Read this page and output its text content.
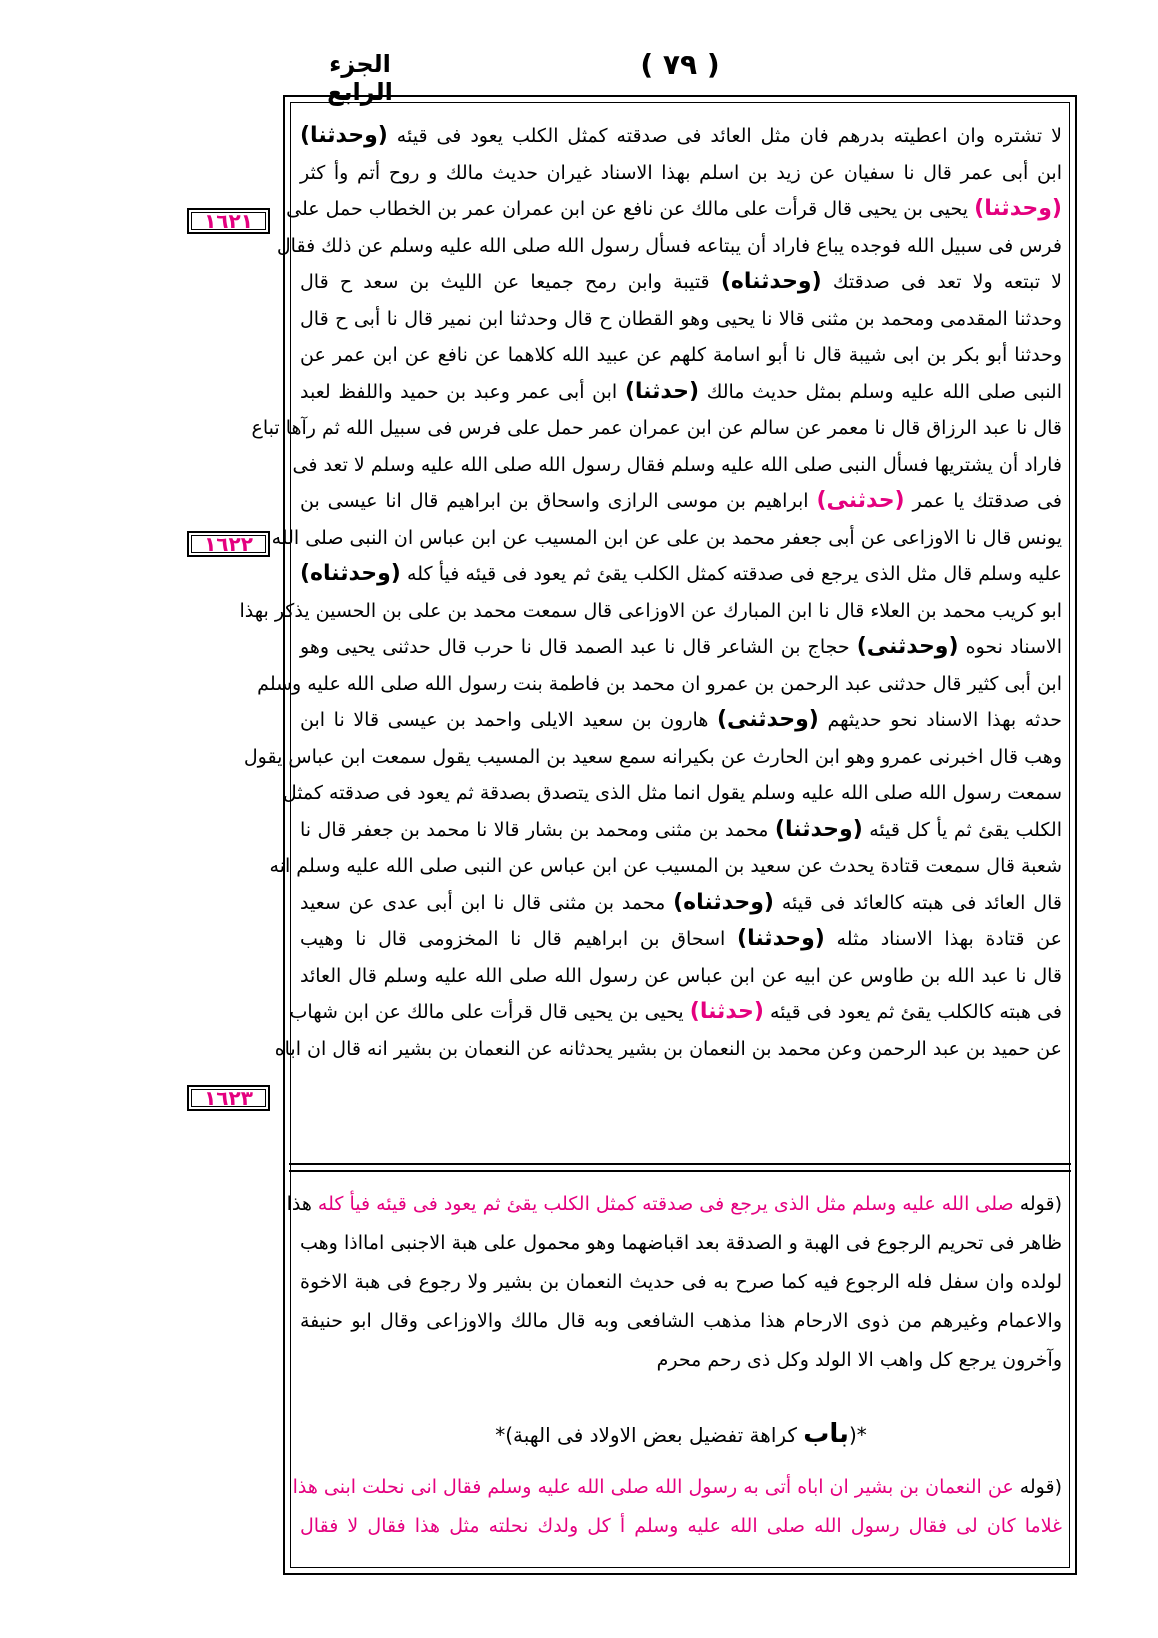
الجزء الرابع
( ٧٩ )
١٦٢١
١٦٢٢
١٦٢٣
لا تشتره وان اعطيته بدرهم فان مثل العائد فى صدقته كمثل الكلب يعود فى قيئه (وحدثنا)
ابن أبى عمر قال نا سفيان عن زيد بن اسلم بهذا الاسناد غيران حديث مالك و روح أتم وأ كثر
(وحدثنا) يحيى بن يحيى قال قرأت على مالك عن نافع عن ابن عمران عمر بن الخطاب حمل على
فرس فى سبيل الله فوجده يباع فاراد أن يبتاعه فسأل رسول الله صلى الله عليه وسلم عن ذلك فقال
لا تبتعه ولا تعد فى صدقتك (وحدثناه) قتيبة وابن رمح جميعا عن الليث بن سعد ح قال
وحدثنا المقدمى ومحمد بن مثنى قالا نا يحيى وهو القطان ح قال وحدثنا ابن نمير قال نا أبى ح قال
وحدثنا أبو بكر بن ابى شيبة قال نا أبو اسامة كلهم عن عبيد الله كلاهما عن نافع عن ابن عمر عن
النبى صلى الله عليه وسلم بمثل حديث مالك (حدثنا) ابن أبى عمر وعبد بن حميد واللفظ لعبد
قال نا عبد الرزاق قال نا معمر عن سالم عن ابن عمران عمر حمل على فرس فى سبيل الله ثم رآها تباع
فاراد أن يشتريها فسأل النبى صلى الله عليه وسلم فقال رسول الله صلى الله عليه وسلم لا تعد فى
فى صدقتك يا عمر (حدثنى) ابراهيم بن موسى الرازى واسحاق بن ابراهيم قال انا عيسى بن
يونس قال نا الاوزاعى عن أبى جعفر محمد بن على عن ابن المسيب عن ابن عباس ان النبى صلى الله
عليه وسلم قال مثل الذى يرجع فى صدقته كمثل الكلب يقئ ثم يعود فى قيئه فيأ كله (وحدثناه)
ابو كريب محمد بن العلاء قال نا ابن المبارك عن الاوزاعى قال سمعت محمد بن على بن الحسين يذكر بهذا
الاسناد نحوه (وحدثنى) حجاج بن الشاعر قال نا عبد الصمد قال نا حرب قال حدثنى يحيى وهو
ابن أبى كثير قال حدثنى عبد الرحمن بن عمرو ان محمد بن فاطمة بنت رسول الله صلى الله عليه وسلم
حدثه بهذا الاسناد نحو حديثهم (وحدثنى) هارون بن سعيد الايلى واحمد بن عيسى قالا نا ابن
وهب قال اخبرنى عمرو وهو ابن الحارث عن بكيرانه سمع سعيد بن المسيب يقول سمعت ابن عباس يقول
سمعت رسول الله صلى الله عليه وسلم يقول انما مثل الذى يتصدق بصدقة ثم يعود فى صدقته كمثل
الكلب يقئ ثم يأ كل قيئه (وحدثنا) محمد بن مثنى ومحمد بن بشار قالا نا محمد بن جعفر قال نا
شعبة قال سمعت قتادة يحدث عن سعيد بن المسيب عن ابن عباس عن النبى صلى الله عليه وسلم انه
قال العائد فى هبته كالعائد فى قيئه (وحدثناه) محمد بن مثنى قال نا ابن أبى عدى عن سعيد
عن قتادة بهذا الاسناد مثله (وحدثنا) اسحاق بن ابراهيم قال نا المخزومى قال نا وهيب
قال نا عبد الله بن طاوس عن ابيه عن ابن عباس عن رسول الله صلى الله عليه وسلم قال العائد
فى هبته كالكلب يقئ ثم يعود فى قيئه (حدثنا) يحيى بن يحيى قال قرأت على مالك عن ابن شهاب
عن حميد بن عبد الرحمن وعن محمد بن النعمان بن بشير يحدثانه عن النعمان بن بشير انه قال ان اباه
(قوله صلى الله عليه وسلم مثل الذى يرجع فى صدقته كمثل الكلب يقئ ثم يعود فى قيئه فيأ كله هذا
ظاهر فى تحريم الرجوع فى الهبة و الصدقة بعد اقباضهما وهو محمول على هبة الاجنبى امااذا وهب
لولده وان سفل فله الرجوع فيه كما صرح به فى حديث النعمان بن بشير ولا رجوع فى هبة الاخوة
والاعمام وغيرهم من ذوى الارحام هذا مذهب الشافعى وبه قال مالك والاوزاعى وقال ابو حنيفة
وآخرون يرجع كل واهب الا الولد وكل ذى رحم محرم
*(باب كراهة تفضيل بعض الاولاد فى الهبة)*
(قوله عن النعمان بن بشير ان اباه أتى به رسول الله صلى الله عليه وسلم فقال انى نحلت ابنى هذا
غلاما كان لى فقال رسول الله صلى الله عليه وسلم أ كل ولدك نحلته مثل هذا فقال لا فقال
